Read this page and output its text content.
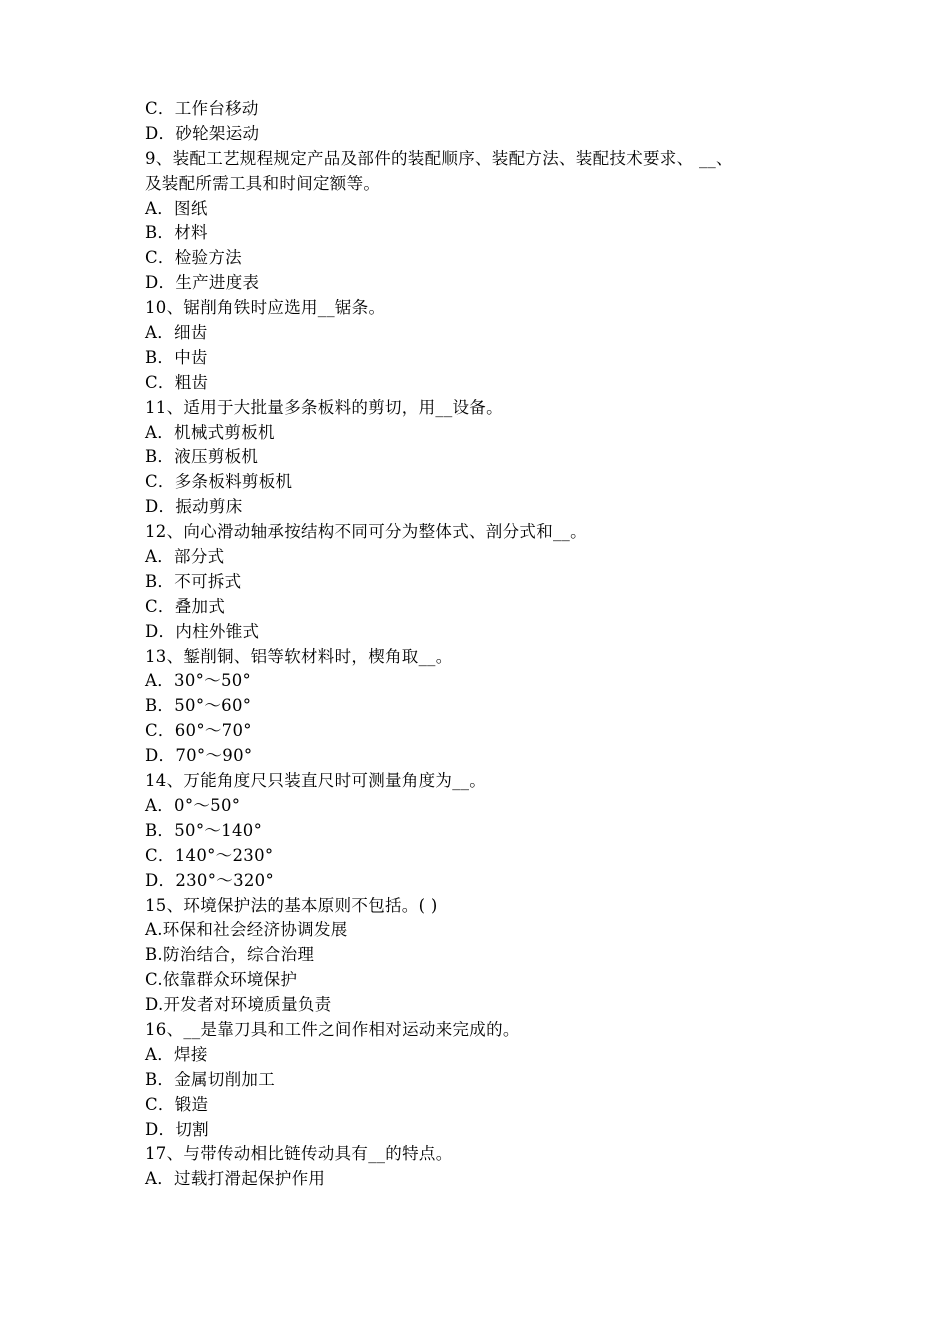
C．工作台移动
D．砂轮架运动
9、装配工艺规程规定产品及部件的装配顺序、装配方法、装配技术要求、 __、
及装配所需工具和时间定额等。
A．图纸
B．材料
C．检验方法
D．生产进度表
10、锯削角铁时应选用__锯条。
A．细齿
B．中齿
C．粗齿
11、适用于大批量多条板料的剪切，用__设备。
A．机械式剪板机
B．液压剪板机
C．多条板料剪板机
D．振动剪床
12、向心滑动轴承按结构不同可分为整体式、剖分式和__。
A．部分式
B．不可拆式
C．叠加式
D．内柱外锥式
13、錾削铜、铝等软材料时，楔角取__。
A．30°～50°
B．50°～60°
C．60°～70°
D．70°～90°
14、万能角度尺只装直尺时可测量角度为__。
A．0°～50°
B．50°～140°
C．140°～230°
D．230°～320°
15、环境保护法的基本原则不包括。( )
A.环保和社会经济协调发展
B.防治结合，综合治理
C.依靠群众环境保护
D.开发者对环境质量负责
16、__是靠刀具和工件之间作相对运动来完成的。
A．焊接
B．金属切削加工
C．锻造
D．切割
17、与带传动相比链传动具有__的特点。
A．过载打滑起保护作用
